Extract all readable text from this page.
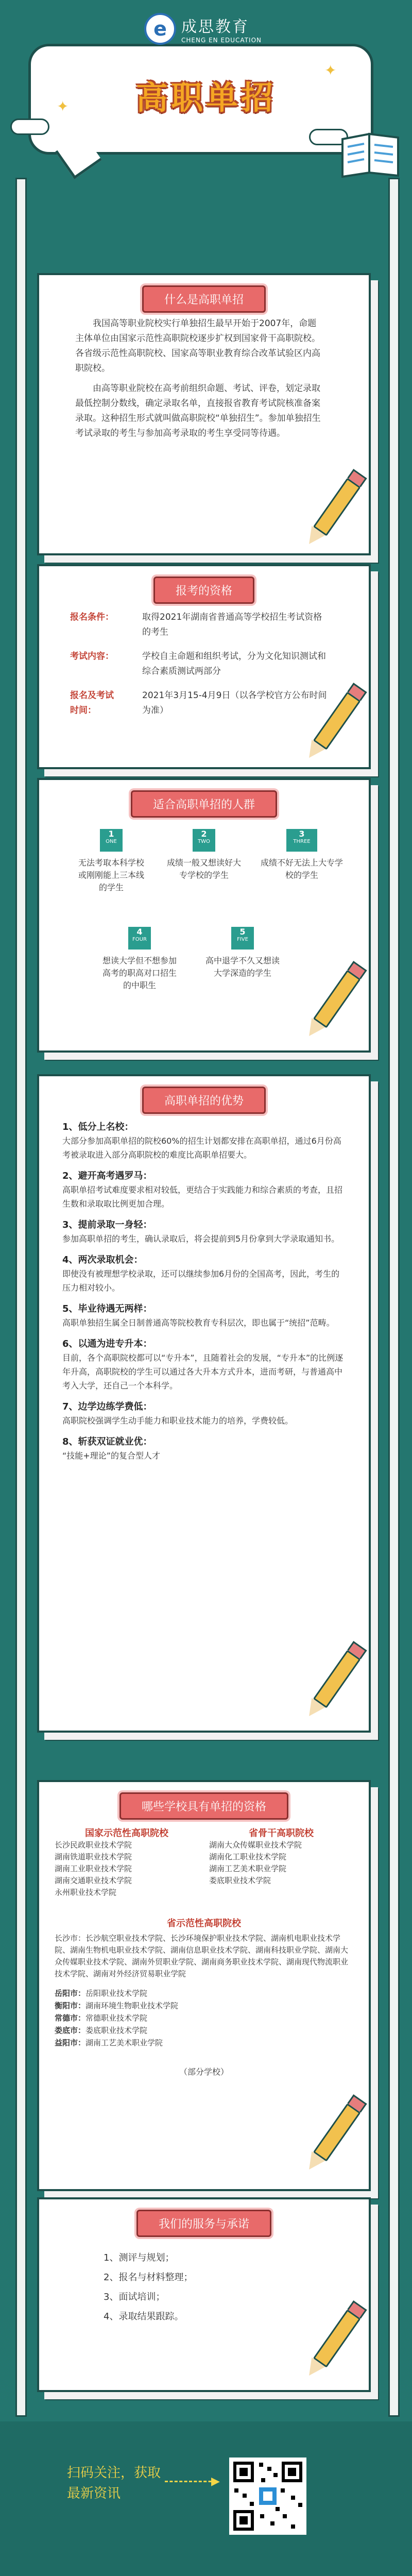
✦
✦
e 成思教育
CHENG EN EDUCATION
高职单招
什么是高职单招

我国高等职业院校实行单独招生最早开始于2007年，命题主体单位由国家示范性高职院校逐步扩权到国家骨干高职院校。各省级示范性高职院校、国家高等职业教育综合改革试验区内高职院校。

由高等职业院校在高考前组织命题、考试、评卷，划定录取最低控制分数线，确定录取名单，直接报省教育考试院核准备案录取。这种招生形式就叫做高职院校“单独招生”。参加单独招生考试录取的考生与参加高考录取的考生享受同等待遇。

报考的资格
报名条件：	取得2021年湖南省普通高等学校招生考试资格的考生
考试内容：	学校自主命题和组织考试，分为文化知识测试和综合素质测试两部分
报名及考试时间：
2021年3月15-4月9日（以各学校官方公布时间为准）
适合高职单招的人群
1
ONE
无法考取本科学校或刚刚能上三本线的学生
2
TWO
成绩一般又想读好大专学校的学生
3
THREE
成绩不好无法上大专学校的学生
4
FOUR
想读大学但不想参加高考的职高对口招生的中职生
5
FIVE
高中退学不久又想读大学深造的学生
高职单招的优势
1、低分上名校：
大部分参加高职单招的院校60%的招生计划都安排在高职单招，通过6月份高考被录取进入部分高职院校的难度比高职单招要大。
2、避开高考遇罗马：
高职单招考试难度要求相对较低，更结合于实践能力和综合素质的考查，且招生数和录取取比例更加合理。
3、提前录取一身轻：
参加高职单招的考生，确认录取后，将会提前到5月份拿到大学录取通知书。
4、两次录取机会：
即使没有被理想学校录取，还可以继续参加6月份的全国高考，因此，考生的压力相对较小。
5、毕业待遇无两样：
高职单独招生属全日制普通高等院校教育专科层次，即也属于“统招”范畴。
6、以通为进专升本：
目前，各个高职院校都可以“专升本”，且随着社会的发展，“专升本”的比例逐年升高，高职院校的学生可以通过各大升本方式升本，进而考研，与普通高中考入大学，还自己一个本科学。
7、边学边练学费低：
高职院校强调学生动手能力和职业技术能力的培养，学费较低。
8、斩获双证就业优：
“技能+理论”的复合型人才
哪些学校具有单招的资格
国家示范性高职院校
长沙民政职业技术学院
湖南铁道职业技术学院
湖南工业职业技术学院
湖南交通职业技术学院
永州职业技术学院
省骨干高职院校
湖南大众传媒职业技术学院
湖南化工职业技术学院
湖南工艺美术职业学院
娄底职业技术学院
省示范性高职院校
长沙市：长沙航空职业技术学院、长沙环境保护职业技术学院、湖南机电职业技术学院、湖南生物机电职业技术学院、湖南信息职业技术学院、湖南科技职业学院、湖南大众传媒职业技术学院、湖南外贸职业学院、湖南商务职业技术学院、湖南现代物流职业技术学院、湖南对外经济贸易职业学院
岳阳市：岳阳职业技术学院
衡阳市：湖南环境生物职业技术学院
常德市：常德职业技术学院
娄底市：娄底职业技术学院
益阳市：湖南工艺美术职业学院
（部分学校）
我们的服务与承诺
1、测评与规划；
2、报名与材料整理；
3、面试培训；
4、录取结果跟踪。
扫码关注，获取最新资讯
▶
